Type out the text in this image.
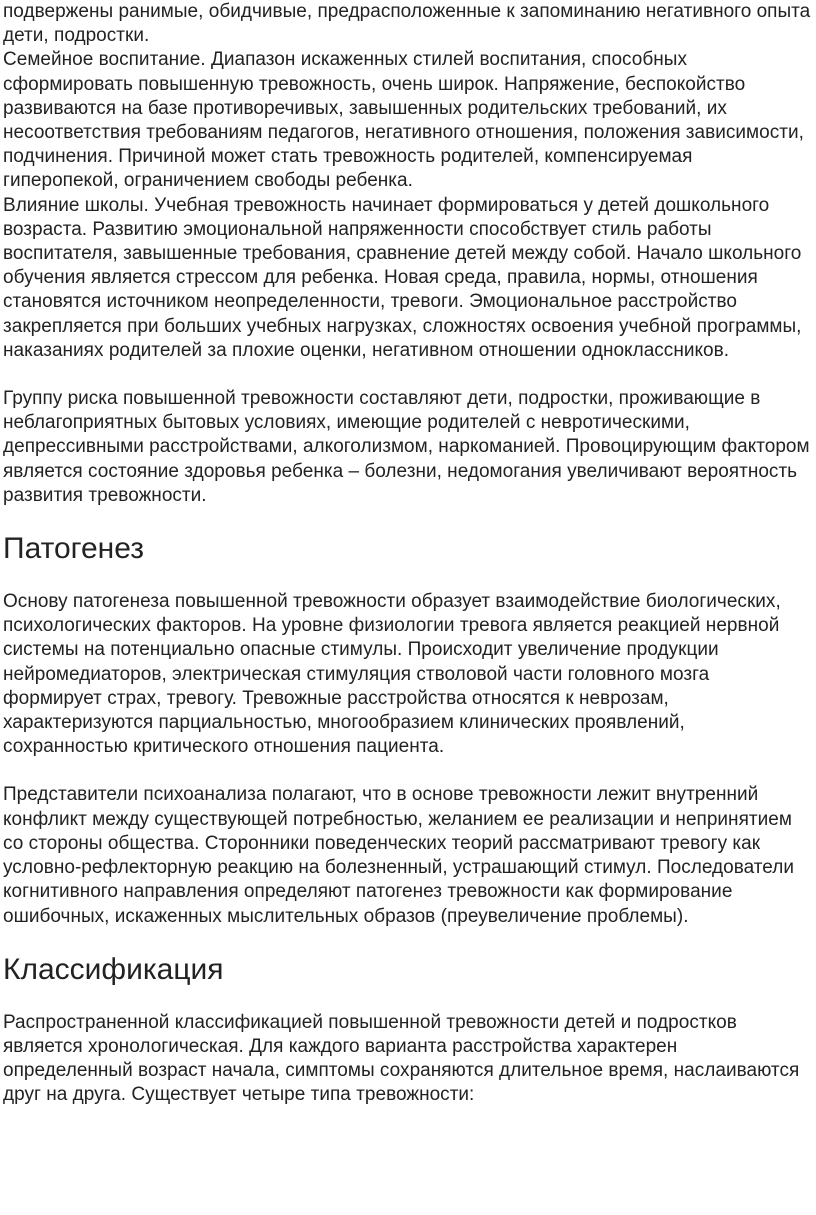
подвержены ранимые, обидчивые, предрасположенные к запоминанию негативного опыта дети, подростки.

Семейное воспитание. Диапазон искаженных стилей воспитания, способных сформировать повышенную тревожность, очень широк. Напряжение, беспокойство развиваются на базе противоречивых, завышенных родительских требований, их несоответствия требованиям педагогов, негативного отношения, положения зависимости, подчинения. Причиной может стать тревожность родителей, компенсируемая гиперопекой, ограничением свободы ребенка.

Влияние школы. Учебная тревожность начинает формироваться у детей дошкольного возраста. Развитию эмоциональной напряженности способствует стиль работы воспитателя, завышенные требования, сравнение детей между собой. Начало школьного обучения является стрессом для ребенка. Новая среда, правила, нормы, отношения становятся источником неопределенности, тревоги. Эмоциональное расстройство закрепляется при больших учебных нагрузках, сложностях освоения учебной программы, наказаниях родителей за плохие оценки, негативном отношении одноклассников.

Группу риска повышенной тревожности составляют дети, подростки, проживающие в неблагоприятных бытовых условиях, имеющие родителей с невротическими, депрессивными расстройствами, алкоголизмом, наркоманией. Провоцирующим фактором является состояние здоровья ребенка – болезни, недомогания увеличивают вероятность развития тревожности.

Патогенез

Основу патогенеза повышенной тревожности образует взаимодействие биологических, психологических факторов. На уровне физиологии тревога является реакцией нервной системы на потенциально опасные стимулы. Происходит увеличение продукции нейромедиаторов, электрическая стимуляция стволовой части головного мозга формирует страх, тревогу. Тревожные расстройства относятся к неврозам, характеризуются парциальностью, многообразием клинических проявлений, сохранностью критического отношения пациента.

Представители психоанализа полагают, что в основе тревожности лежит внутренний конфликт между существующей потребностью, желанием ее реализации и непринятием со стороны общества. Сторонники поведенческих теорий рассматривают тревогу как условно-рефлекторную реакцию на болезненный, устрашающий стимул. Последователи когнитивного направления определяют патогенез тревожности как формирование ошибочных, искаженных мыслительных образов (преувеличение проблемы).

Классификация

Распространенной классификацией повышенной тревожности детей и подростков является хронологическая. Для каждого варианта расстройства характерен определенный возраст начала, симптомы сохраняются длительное время, наслаиваются друг на друга. Существует четыре типа тревожности:
